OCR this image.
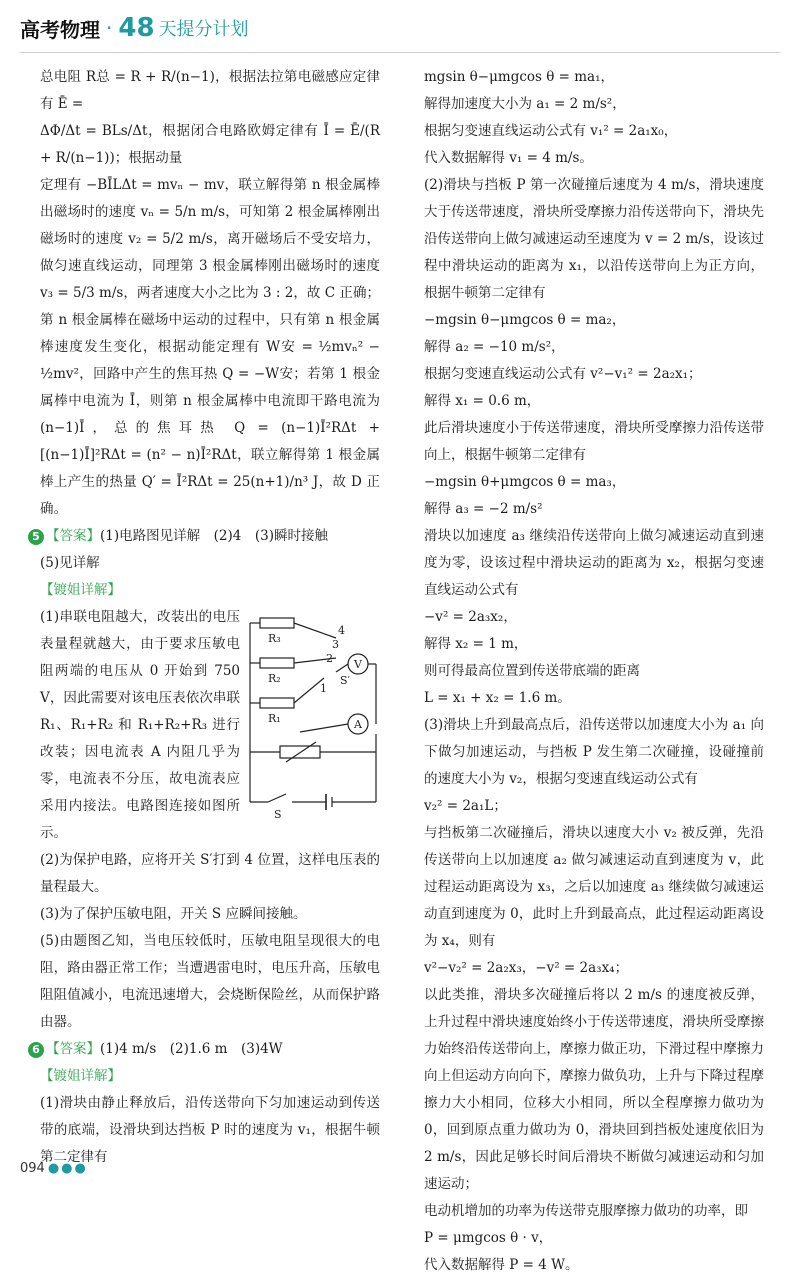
高考物理 · 48 天提分计划

总电阻 R总 = R + R/(n−1)，根据法拉第电磁感应定律有 Ē =

ΔΦ/Δt = BLs/Δt，根据闭合电路欧姆定律有 Ī = Ē/(R + R/(n−1))；根据动量

定理有 −BĪLΔt = mvₙ − mv，联立解得第 n 根金属棒出磁场时的速度 vₙ = 5/n m/s，可知第 2 根金属棒刚出磁场时的速度 v₂ = 5/2 m/s，离开磁场后不受安培力，做匀速直线运动，同理第 3 根金属棒刚出磁场时的速度 v₃ = 5/3 m/s，两者速度大小之比为 3 : 2，故 C 正确；第 n 根金属棒在磁场中运动的过程中，只有第 n 根金属棒速度发生变化，根据动能定理有 W安 = ½mvₙ² − ½mv²，回路中产生的焦耳热 Q = −W安；若第 1 根金属棒中电流为 Ī，则第 n 根金属棒中电流即干路电流为 (n−1)Ī，总的焦耳热 Q = (n−1)Ī²RΔt + [(n−1)Ī]²RΔt = (n² − n)Ī²RΔt，联立解得第 1 根金属棒上产生的热量 Q′ = Ī²RΔt = 25(n+1)/n³ J，故 D 正确。

5 【答案】(1)电路图见详解　(2)4　(3)瞬时接触

(5)见详解

【镀姐详解】

R₃
R₂
R₁
4
3
2
1
S′
V
A
S

(1)串联电阻越大，改装出的电压表量程就越大，由于要求压敏电阻两端的电压从 0 开始到 750 V，因此需要对该电压表依次串联 R₁、R₁+R₂ 和 R₁+R₂+R₃ 进行改装；因电流表 A 内阻几乎为零，电流表不分压，故电流表应采用内接法。电路图连接如图所示。

(2)为保护电路，应将开关 S′打到 4 位置，这样电压表的量程最大。

(3)为了保护压敏电阻，开关 S 应瞬间接触。

(5)由题图乙知，当电压较低时，压敏电阻呈现很大的电阻，路由器正常工作；当遭遇雷电时，电压升高，压敏电阻阻值减小，电流迅速增大，会烧断保险丝，从而保护路由器。

6 【答案】(1)4 m/s　(2)1.6 m　(3)4W

【镀姐详解】

(1)滑块由静止释放后，沿传送带向下匀加速运动到传送带的底端，设滑块到达挡板 P 时的速度为 v₁，根据牛顿第二定律有

mgsin θ−μmgcos θ = ma₁，

解得加速度大小为 a₁ = 2 m/s²，

根据匀变速直线运动公式有 v₁² = 2a₁x₀，

代入数据解得 v₁ = 4 m/s。

(2)滑块与挡板 P 第一次碰撞后速度为 4 m/s，滑块速度大于传送带速度，滑块所受摩擦力沿传送带向下，滑块先沿传送带向上做匀减速运动至速度为 v = 2 m/s，设该过程中滑块运动的距离为 x₁，以沿传送带向上为正方向，根据牛顿第二定律有

−mgsin θ−μmgcos θ = ma₂，

解得 a₂ = −10 m/s²，

根据匀变速直线运动公式有 v²−v₁² = 2a₂x₁；

解得 x₁ = 0.6 m，

此后滑块速度小于传送带速度，滑块所受摩擦力沿传送带向上，根据牛顿第二定律有

−mgsin θ+μmgcos θ = ma₃，

解得 a₃ = −2 m/s²

滑块以加速度 a₃ 继续沿传送带向上做匀减速运动直到速度为零，设该过程中滑块运动的距离为 x₂，根据匀变速直线运动公式有

−v² = 2a₃x₂，

解得 x₂ = 1 m，

则可得最高位置到传送带底端的距离

L = x₁ + x₂ = 1.6 m。

(3)滑块上升到最高点后，沿传送带以加速度大小为 a₁ 向下做匀加速运动，与挡板 P 发生第二次碰撞，设碰撞前的速度大小为 v₂，根据匀变速直线运动公式有

v₂² = 2a₁L；

与挡板第二次碰撞后，滑块以速度大小 v₂ 被反弹，先沿传送带向上以加速度 a₂ 做匀减速运动直到速度为 v，此过程运动距离设为 x₃，之后以加速度 a₃ 继续做匀减速运动直到速度为 0，此时上升到最高点，此过程运动距离设为 x₄，则有

v²−v₂² = 2a₂x₃，−v² = 2a₃x₄；

以此类推，滑块多次碰撞后将以 2 m/s 的速度被反弹，上升过程中滑块速度始终小于传送带速度，滑块所受摩擦力始终沿传送带向上，摩擦力做正功，下滑过程中摩擦力向上但运动方向向下，摩擦力做负功，上升与下降过程摩擦力大小相同，位移大小相同，所以全程摩擦力做功为 0，回到原点重力做功为 0，滑块回到挡板处速度依旧为 2 m/s，因此足够长时间后滑块不断做匀减速运动和匀加速运动；

电动机增加的功率为传送带克服摩擦力做功的功率，即

P = μmgcos θ · v，

代入数据解得 P = 4 W。

094 ●●●
